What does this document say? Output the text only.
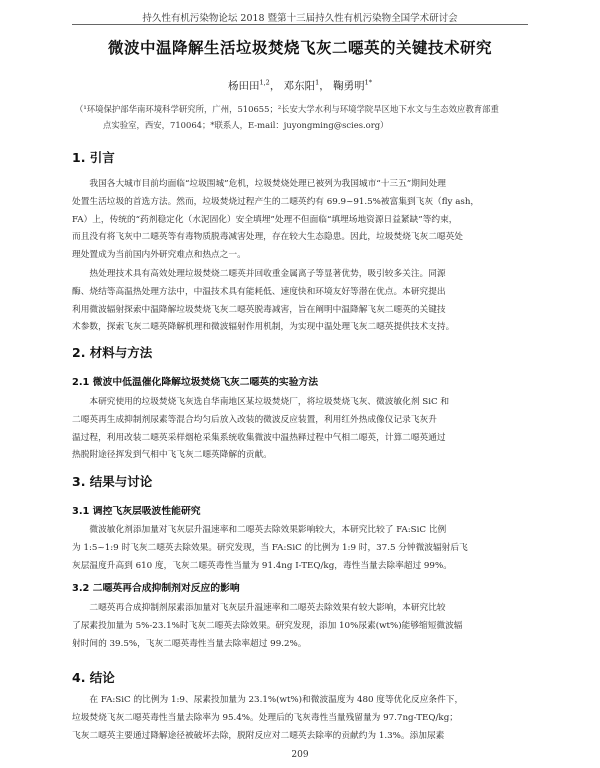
持久性有机污染物论坛 2018 暨第十三届持久性有机污染物全国学术研讨会
微波中温降解生活垃圾焚烧飞灰二噁英的关键技术研究
杨田田$^{1,2}$， 邓东阳$^1$， 鞠勇明$^{1*}$
（¹环境保护部华南环境科学研究所，广州，510655；²长安大学水利与环境学院旱区地下水文与生态效应教育部重
点实验室，西安，710064；*联系人，E-mail：juyongming@scies.org）
1. 引言
我国各大城市目前均面临“垃圾围城”危机，垃圾焚烧处理已被列为我国城市“十三五”期间处理
处置生活垃圾的首选方法。然而，垃圾焚烧过程产生的二噁英约有 69.9~91.5%被富集到飞灰（fly ash，
FA）上，传统的“药剂稳定化（水泥固化）安全填埋”处理不但面临“填埋场地资源日益紧缺”等约束，
而且没有将飞灰中二噁英等有毒物质脱毒减害处理，存在较大生态隐患。因此，垃圾焚烧飞灰二噁英处
理处置成为当前国内外研究难点和热点之一。
热处理技术具有高效处理垃圾焚烧二噁英并回收重金属离子等显著优势，吸引较多关注。同源
酶、烧结等高温热处理方法中，中温技术具有能耗低、速度快和环境友好等潜在优点。本研究提出
利用微波辐射探索中温降解垃圾焚烧飞灰二噁英脱毒减害，旨在阐明中温降解飞灰二噁英的关键技
术参数，探索飞灰二噁英降解机理和微波辐射作用机制，为实现中温处理飞灰二噁英提供技术支持。
2. 材料与方法
2.1 微波中低温催化降解垃圾焚烧飞灰二噁英的实验方法
本研究使用的垃圾焚烧飞灰选自华南地区某垃圾焚烧厂，将垃圾焚烧飞灰、微波敏化剂 SiC 和
二噁英再生成抑制剂尿素等混合均匀后放入改装的微波反应装置，利用红外热成像仪记录飞灰升
温过程，利用改装二噁英采样烟枪采集系统收集微波中温热释过程中气相二噁英，计算二噁英通过
热脱附途径挥发到气相中飞飞灰二噁英降解的贡献。
3. 结果与讨论
3.1 调控飞灰层吸波性能研究
微波敏化剂添加量对飞灰层升温速率和二噁英去除效果影响较大，本研究比较了 FA:SiC 比例
为 1:5~1:9 时飞灰二噁英去除效果。研究发现，当 FA:SiC 的比例为 1:9 时，37.5 分钟微波辐射后飞
灰层温度升高到 610 度，飞灰二噁英毒性当量为 91.4ng I-TEQ/kg，毒性当量去除率超过 99%。
3.2 二噁英再合成抑制剂对反应的影响
二噁英再合成抑制剂尿素添加量对飞灰层升温速率和二噁英去除效果有较大影响，本研究比较
了尿素投加量为 5%-23.1%时飞灰二噁英去除效果。研究发现，添加 10%尿素(wt%)能够缩短微波辐
射时间的 39.5%，飞灰二噁英毒性当量去除率超过 99.2%。
4. 结论
在 FA:SiC 的比例为 1:9、尿素投加量为 23.1%(wt%)和微波温度为 480 度等优化反应条件下，
垃圾焚烧飞灰二噁英毒性当量去除率为 95.4%。处理后的飞灰毒性当量残留量为 97.7ng-TEQ/kg；
飞灰二噁英主要通过降解途径被破坏去除，脱附反应对二噁英去除率的贡献约为 1.3%。添加尿素
209
